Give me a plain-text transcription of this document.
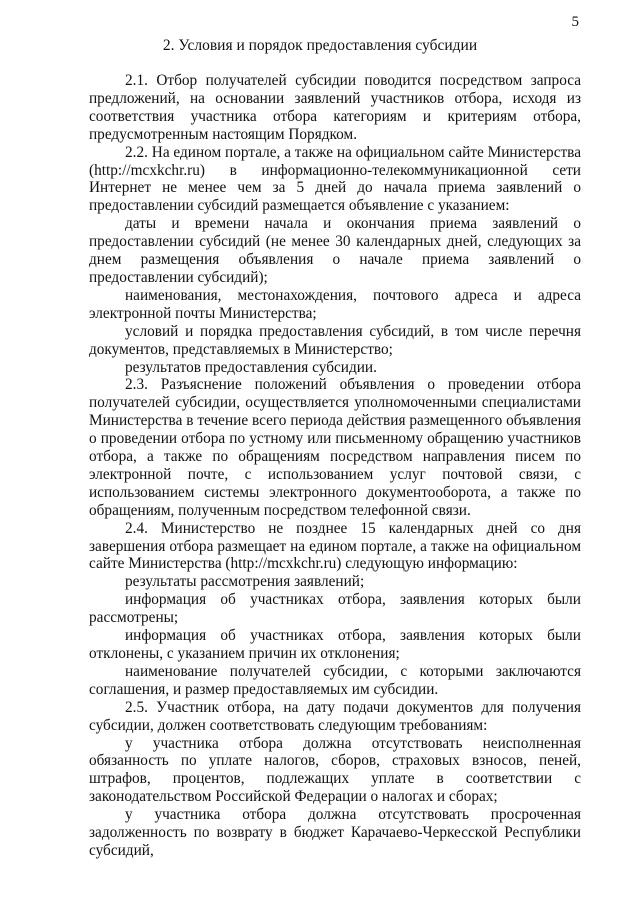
5
2. Условия и порядок предоставления субсидии

2.1. Отбор получателей субсидии поводится посредством запроса предложений, на основании заявлений участников отбора, исходя из соответствия участника отбора категориям и критериям отбора, предусмотренным настоящим Порядком.

2.2. На едином портале, а также на официальном сайте Министерства (http://mcxkchr.ru) в информационно-телекоммуникационной сети Интернет не менее чем за 5 дней до начала приема заявлений о предоставлении субсидий размещается объявление с указанием:

даты и времени начала и окончания приема заявлений о предоставлении субсидий (не менее 30 календарных дней, следующих за днем размещения объявления о начале приема заявлений о предоставлении субсидий);

наименования, местонахождения, почтового адреса и адреса электронной почты Министерства;

условий и порядка предоставления субсидий, в том числе перечня документов, представляемых в Министерство;

результатов предоставления субсидии.

2.3. Разъяснение положений объявления о проведении отбора получателей субсидии, осуществляется уполномоченными специалистами Министерства в течение всего периода действия размещенного объявления о проведении отбора по устному или письменному обращению участников отбора, а также по обращениям посредством направления писем по электронной почте, с использованием услуг почтовой связи, с использованием системы электронного документооборота, а также по обращениям, полученным посредством телефонной связи.

2.4. Министерство не позднее 15 календарных дней со дня завершения отбора размещает на едином портале, а также на официальном сайте Министерства (http://mcxkchr.ru) следующую информацию:

результаты рассмотрения заявлений;

информация об участниках отбора, заявления которых были рассмотрены;

информация об участниках отбора, заявления которых были отклонены, с указанием причин их отклонения;

наименование получателей субсидии, с которыми заключаются соглашения, и размер предоставляемых им субсидии.

2.5. Участник отбора, на дату подачи документов для получения субсидии, должен соответствовать следующим требованиям:

у участника отбора должна отсутствовать неисполненная обязанность по уплате налогов, сборов, страховых взносов, пеней, штрафов, процентов, подлежащих уплате в соответствии с законодательством Российской Федерации о налогах и сборах;

у участника отбора должна отсутствовать просроченная задолженность по возврату в бюджет Карачаево-Черкесской Республики субсидий,
